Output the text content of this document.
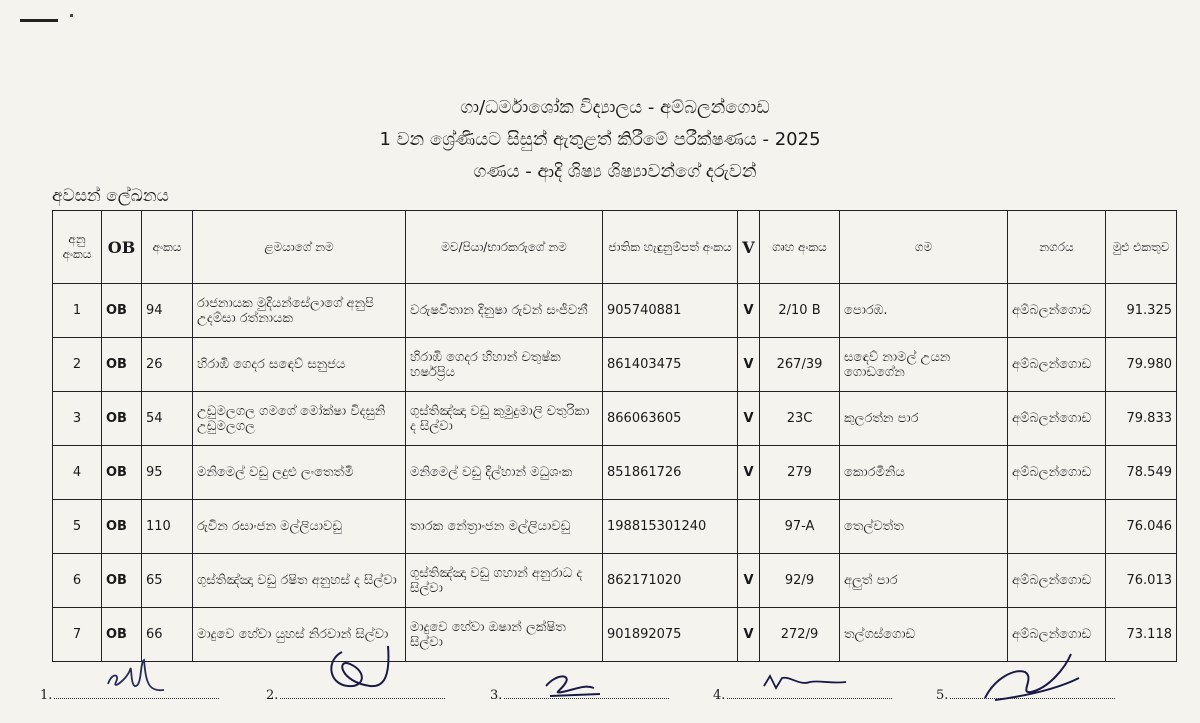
ගා/ධර්මාශෝක විද්‍යාලය - අම්බලන්ගොඩ
1 වන ශ්‍රේණියට සිසුන් ඇතුළත් කිරීමේ පරීක්ෂණය - 2025
ගණය - ආදි ශිෂ්‍ය ශිෂ්‍යාවන්ගේ දරුවන්
අවසන් ලේඛනය
අනු අංකය	OB	අංකය	ළමයාගේ නම	මව/පියා/භාරකරුගේ නම	ජාතික හැඳුනුම්පත් අංකය	V	ගෘහ අංකය	ගම	නගරය	මුළු එකතුව
1	OB	94	රාජනායක මුදියන්සේලාගේ අනුපි උදම්සා රත්නායක	වරුෂවිතාන දිනුෂා රුවන් සංජීවනී	905740881	V	2/10 B	පොරඹ.	අම්බලන්ගොඩ	91.325
2	OB	26	හිරාඹි ගෙදර සඳෙව් සනුජය	හිරාඹි ගෙදර හිහාන් චතුෂ්ක හර්ෂප්‍රිය	861403475	V	267/39	සඳෙව් නාමල් උයන ගොඩගේන	අම්බලන්ගොඩ	79.980
3	OB	54	උඩුමලගල ගමගේ මෝක්ෂා විදසුනි උඩුමලගල	ගුස්තිඤ්ඤා වඩු කුමුදුමාලි චතුරිකා ද සිල්වා	866063605	V	23C	කුලරත්න පාර	අම්බලන්ගොඩ	79.833
4	OB	95	මනිමෙල් වඩු ලදුළු ලංතෙත්මි	මනිමෙල් වඩු දිල්හාන් මධුශංක	851861726	V	279	කොරමීනිය	අම්බලන්ගොඩ	78.549
5	OB	110	රුවින රසාංජන මල්ලියාවඩු	තාරක නේත්‍රාංජන මල්ලියාවඩු	198815301240		97-A	තෙල්වත්ත		76.046
6	OB	65	ගුස්තිඤ්ඤා වඩු රෂිත අනුහස් ද සිල්වා	ගුස්තිඤ්ඤා වඩු ගහාන් අනුරාධ ද සිල්වා	862171020	V	92/9	අලුත් පාර	අම්බලන්ගොඩ	76.013
7	OB	66	මාදුවෙ හේවා යුහස් නිරවාන් සිල්වා	මාදුවෙ හේවා ඔෂාන් ලක්ෂිත සිල්වා	901892075	V	272/9	තල්ගස්ගොඩ	අම්බලන්ගොඩ	73.118
1.	2.	3.	4.	5.
